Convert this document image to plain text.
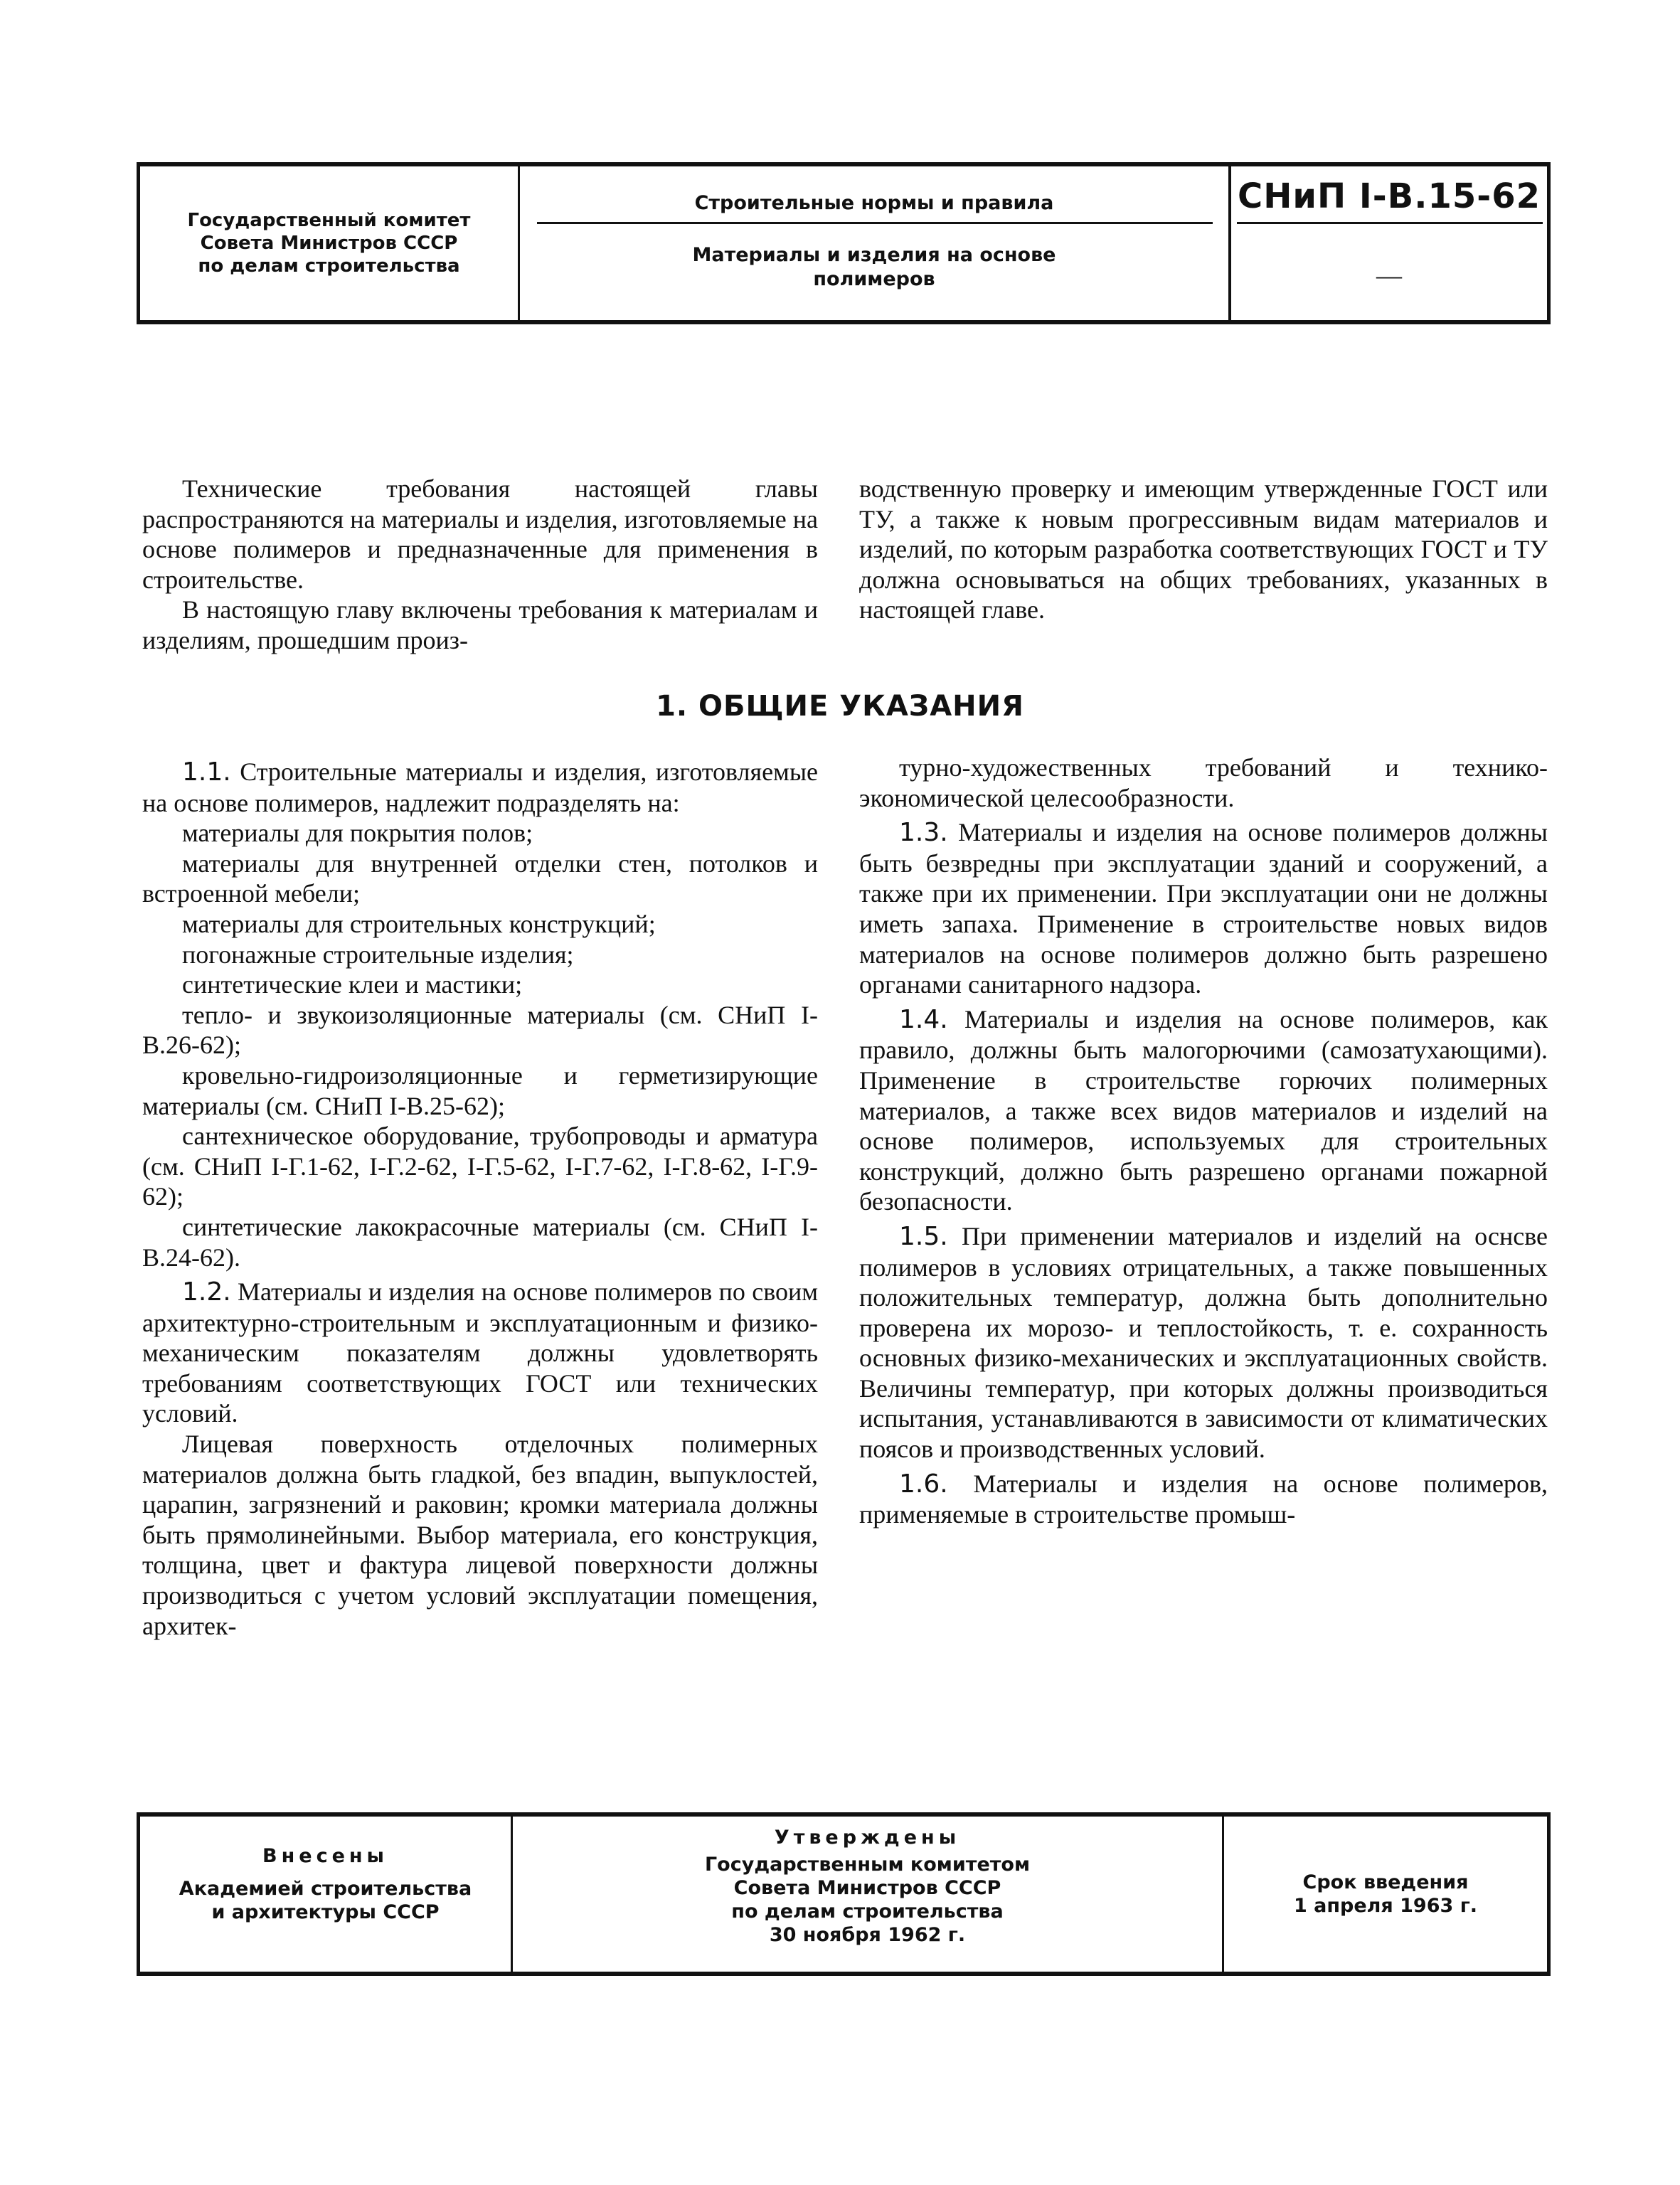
Государственный комитет
Совета Министров СССР
по делам строительства
Строительные нормы и правила
Материалы и изделия на основе
полимеров
СНиП I-В.15-62
—

Технические требования настоящей главы распространяются на материалы и изделия, изготовляемые на основе полимеров и предназначенные для применения в строительстве.

В настоящую главу включены требования к материалам и изделиям, прошедшим произ-

водственную проверку и имеющим утвержденные ГОСТ или ТУ, а также к новым прогрессивным видам материалов и изделий, по которым разработка соответствующих ГОСТ и ТУ должна основываться на общих требованиях, указанных в настоящей главе.

1. ОБЩИЕ УКАЗАНИЯ

1.1. Строительные материалы и изделия, изготовляемые на основе полимеров, надлежит подразделять на:

материалы для покрытия полов;

материалы для внутренней отделки стен, потолков и встроенной мебели;

материалы для строительных конструкций;

погонажные строительные изделия;

синтетические клеи и мастики;

тепло- и звукоизоляционные материалы (см. СНиП I-В.26-62);

кровельно-гидроизоляционные и герметизирующие материалы (см. СНиП I-В.25-62);

сантехническое оборудование, трубопроводы и арматура (см. СНиП I-Г.1-62, I-Г.2-62, I-Г.5-62, I-Г.7-62, I-Г.8-62, I-Г.9-62);

синтетические лакокрасочные материалы (см. СНиП I-В.24-62).

1.2. Материалы и изделия на основе полимеров по своим архитектурно-строительным и эксплуатационным и физико-механическим показателям должны удовлетворять требованиям соответствующих ГОСТ или технических условий.

Лицевая поверхность отделочных полимерных материалов должна быть гладкой, без впадин, выпуклостей, царапин, загрязнений и раковин; кромки материала должны быть прямолинейными. Выбор материала, его конструкция, толщина, цвет и фактура лицевой поверхности должны производиться с учетом условий эксплуатации помещения, архитек-

турно-художественных требований и технико-экономической целесообразности.

1.3. Материалы и изделия на основе полимеров должны быть безвредны при эксплуатации зданий и сооружений, а также при их применении. При эксплуатации они не должны иметь запаха. Применение в строительстве новых видов материалов на основе полимеров должно быть разрешено органами санитарного надзора.

1.4. Материалы и изделия на основе полимеров, как правило, должны быть малогорючими (самозатухающими). Применение в строительстве горючих полимерных материалов, а также всех видов материалов и изделий на основе полимеров, используемых для строительных конструкций, должно быть разрешено органами пожарной безопасности.

1.5. При применении материалов и изделий на оснсве полимеров в условиях отрицательных, а также повышенных положительных температур, должна быть дополнительно проверена их морозо- и теплостойкость, т. е. сохранность основных физико-механических и эксплуатационных свойств. Величины температур, при которых должны производиться испытания, устанавливаются в зависимости от климатических поясов и производственных условий.

1.6. Материалы и изделия на основе полимеров, применяемые в строительстве промыш-

Внесены
Академией строительства
и архитектуры СССР
Утверждены
Государственным комитетом
Совета Министров СССР
по делам строительства
30 ноября 1962 г.
Срок введения
1 апреля 1963 г.
